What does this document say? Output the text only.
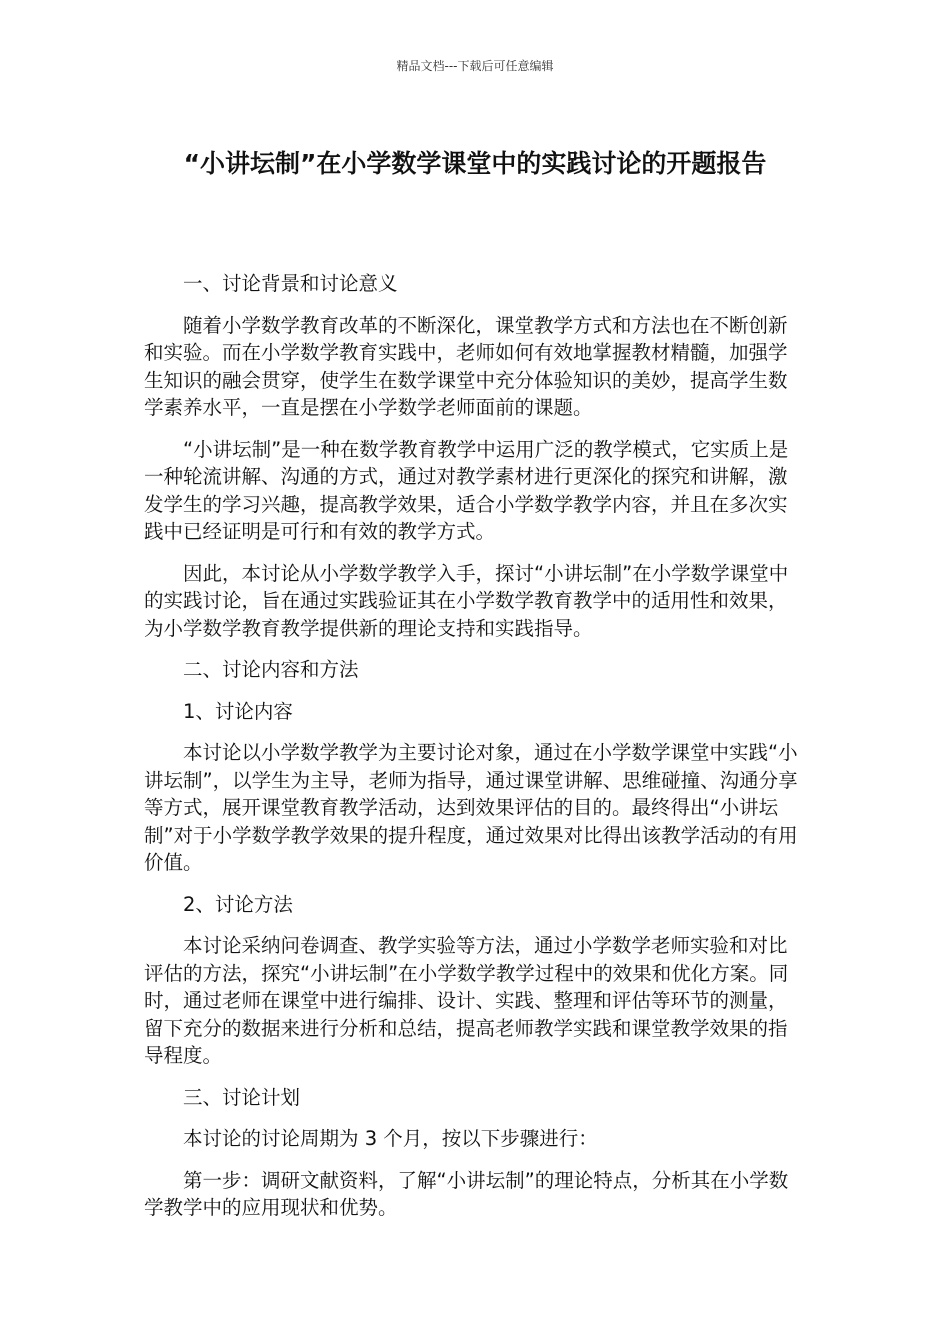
精品文档---下载后可任意编辑
“小讲坛制”在小学数学课堂中的实践讨论的开题报告

一、讨论背景和讨论意义

随着小学数学教育改革的不断深化，课堂教学方式和方法也在不断创新和实验。而在小学数学教育实践中，老师如何有效地掌握教材精髓，加强学生知识的融会贯穿，使学生在数学课堂中充分体验知识的美妙，提高学生数学素养水平，一直是摆在小学数学老师面前的课题。

“小讲坛制”是一种在数学教育教学中运用广泛的教学模式，它实质上是一种轮流讲解、沟通的方式，通过对教学素材进行更深化的探究和讲解，激发学生的学习兴趣，提高教学效果，适合小学数学教学内容，并且在多次实践中已经证明是可行和有效的教学方式。

因此，本讨论从小学数学教学入手，探讨“小讲坛制”在小学数学课堂中的实践讨论，旨在通过实践验证其在小学数学教育教学中的适用性和效果，为小学数学教育教学提供新的理论支持和实践指导。

二、讨论内容和方法

1、讨论内容

本讨论以小学数学教学为主要讨论对象，通过在小学数学课堂中实践“小讲坛制”，以学生为主导，老师为指导，通过课堂讲解、思维碰撞、沟通分享等方式，展开课堂教育教学活动，达到效果评估的目的。最终得出“小讲坛制”对于小学数学教学效果的提升程度，通过效果对比得出该教学活动的有用价值。

2、讨论方法

本讨论采纳问卷调查、教学实验等方法，通过小学数学老师实验和对比评估的方法，探究“小讲坛制”在小学数学教学过程中的效果和优化方案。同时，通过老师在课堂中进行编排、设计、实践、整理和评估等环节的测量，留下充分的数据来进行分析和总结，提高老师教学实践和课堂教学效果的指导程度。

三、讨论计划

本讨论的讨论周期为 3 个月，按以下步骤进行：

第一步：调研文献资料，了解“小讲坛制”的理论特点，分析其在小学数学教学中的应用现状和优势。
